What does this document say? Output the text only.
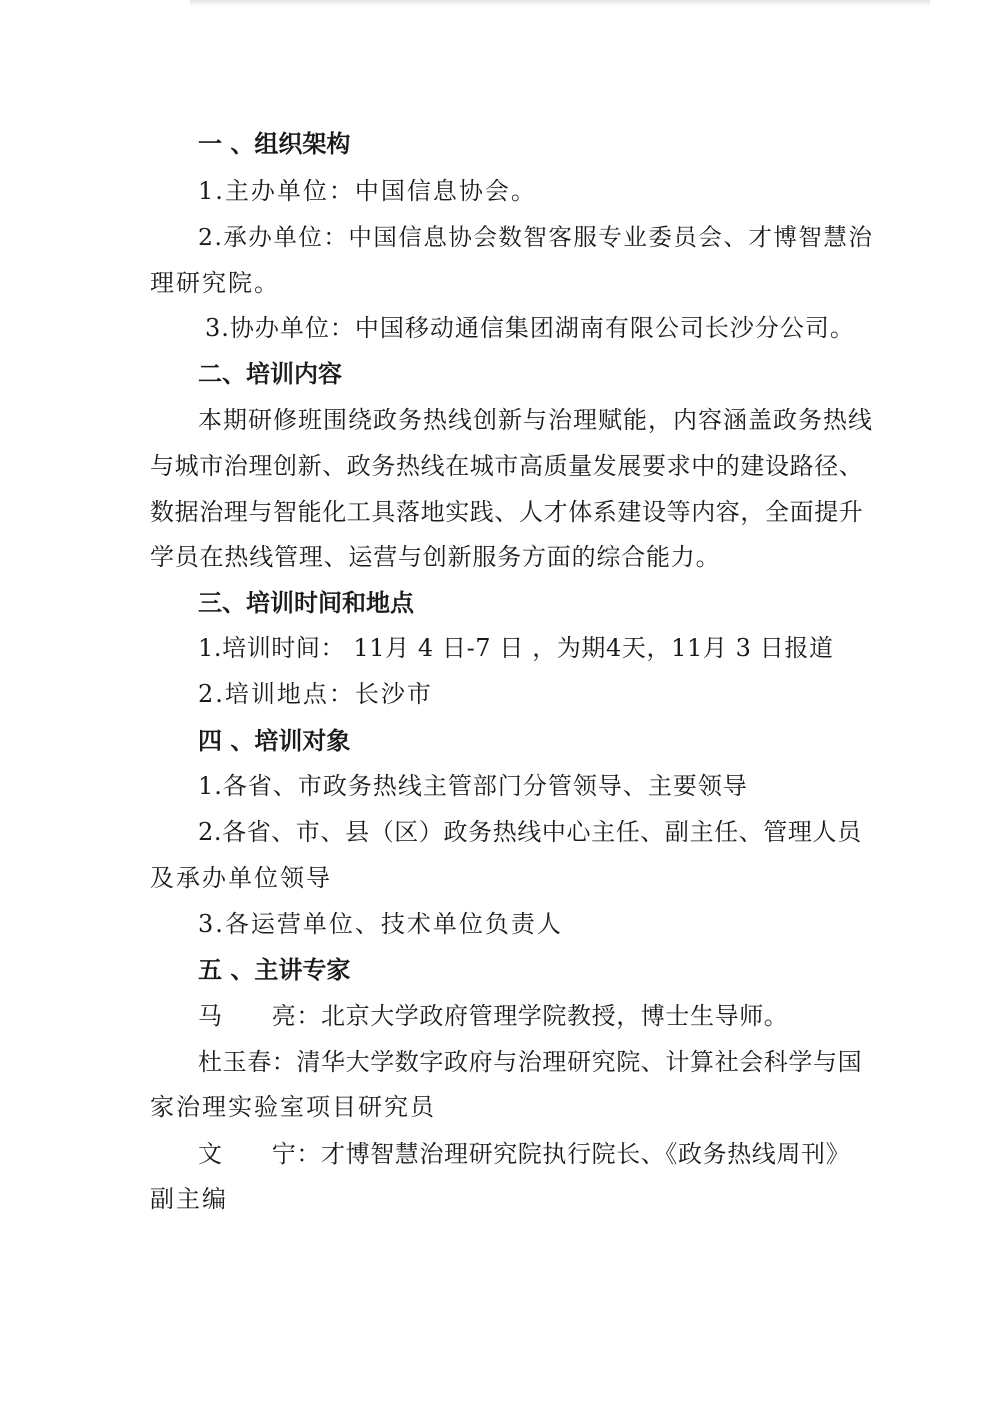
一 、组织架构
1.主办单位：中国信息协会。
2.承办单位：中国信息协会数智客服专业委员会、才博智慧治
理研究院。
3.协办单位：中国移动通信集团湖南有限公司长沙分公司。
二、培训内容
本期研修班围绕政务热线创新与治理赋能，内容涵盖政务热线
与城市治理创新、政务热线在城市高质量发展要求中的建设路径、
数据治理与智能化工具落地实践、人才体系建设等内容，全面提升
学员在热线管理、运营与创新服务方面的综合能力。
三、培训时间和地点
1.培训时间： 11月 4 日-7 日 ，为期4天，11月 3 日报道
2.培训地点：长沙市
四 、培训对象
1.各省、市政务热线主管部门分管领导、主要领导
2.各省、市、县（区）政务热线中心主任、副主任、管理人员
及承办单位领导
3.各运营单位、技术单位负责人
五 、主讲专家
马　　亮：北京大学政府管理学院教授，博士生导师。
杜玉春：清华大学数字政府与治理研究院、计算社会科学与国
家治理实验室项目研究员
文　　宁：才博智慧治理研究院执行院长、《政务热线周刊》
副主编
